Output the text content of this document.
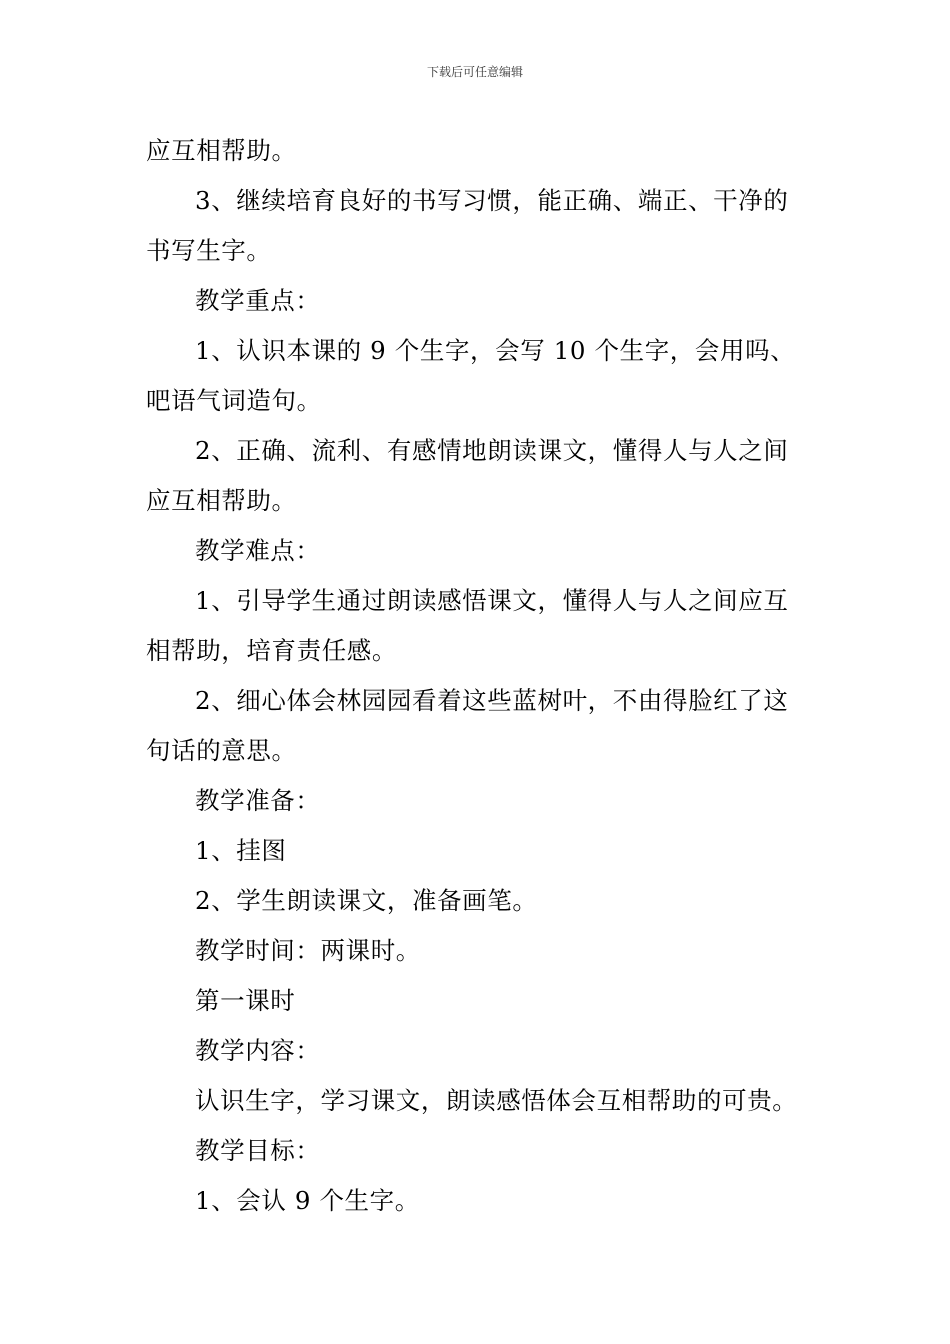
下载后可任意编辑

应互相帮助。

3、继续培育良好的书写习惯，能正确、端正、干净的书写生字。

教学重点：

1、认识本课的 9 个生字，会写 10 个生字，会用吗、吧语气词造句。

2、正确、流利、有感情地朗读课文，懂得人与人之间应互相帮助。

教学难点：

1、引导学生通过朗读感悟课文，懂得人与人之间应互相帮助，培育责任感。

2、细心体会林园园看着这些蓝树叶，不由得脸红了这句话的意思。

教学准备：

1、挂图

2、学生朗读课文，准备画笔。

教学时间：两课时。

第一课时

教学内容：

认识生字，学习课文，朗读感悟体会互相帮助的可贵。

教学目标：

1、会认 9 个生字。
